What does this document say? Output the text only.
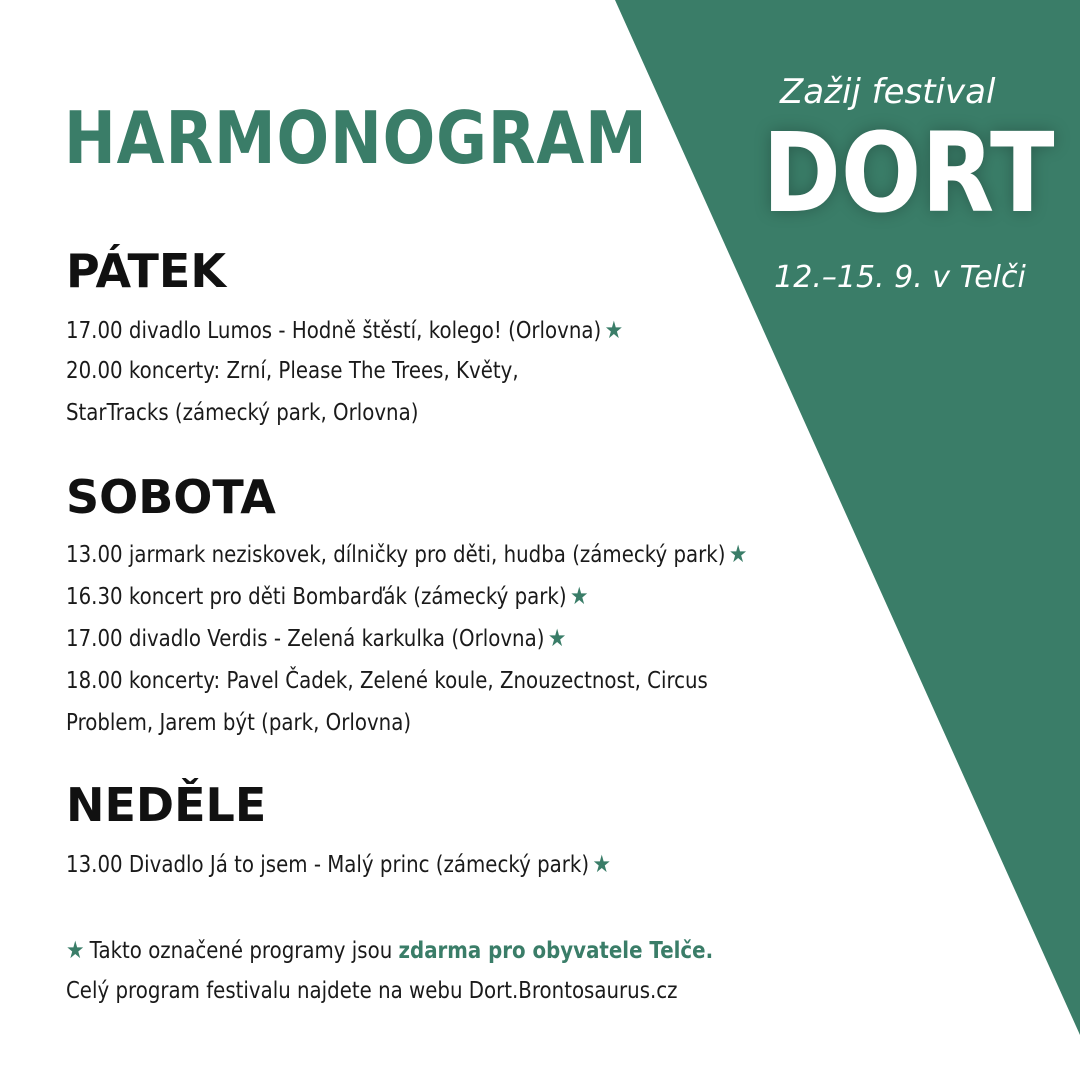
HARMONOGRAM
Zažij festival
DORT
12.–15. 9. v Telči
PÁTEK
17.00 divadlo Lumos - Hodně štěstí, kolego! (Orlovna) ★
20.00 koncerty: Zrní, Please The Trees, Květy,
StarTracks (zámecký park, Orlovna)
SOBOTA
13.00 jarmark neziskovek, dílničky pro děti, hudba (zámecký park) ★
16.30 koncert pro děti Bombarďák (zámecký park) ★
17.00 divadlo Verdis - Zelená karkulka (Orlovna) ★
18.00 koncerty: Pavel Čadek, Zelené koule, Znouzectnost, Circus
Problem, Jarem být (park, Orlovna)
NEDĚLE
13.00 Divadlo Já to jsem - Malý princ (zámecký park) ★
★ Takto označené programy jsou zdarma pro obyvatele Telče.
Celý program festivalu najdete na webu Dort.Brontosaurus.cz
